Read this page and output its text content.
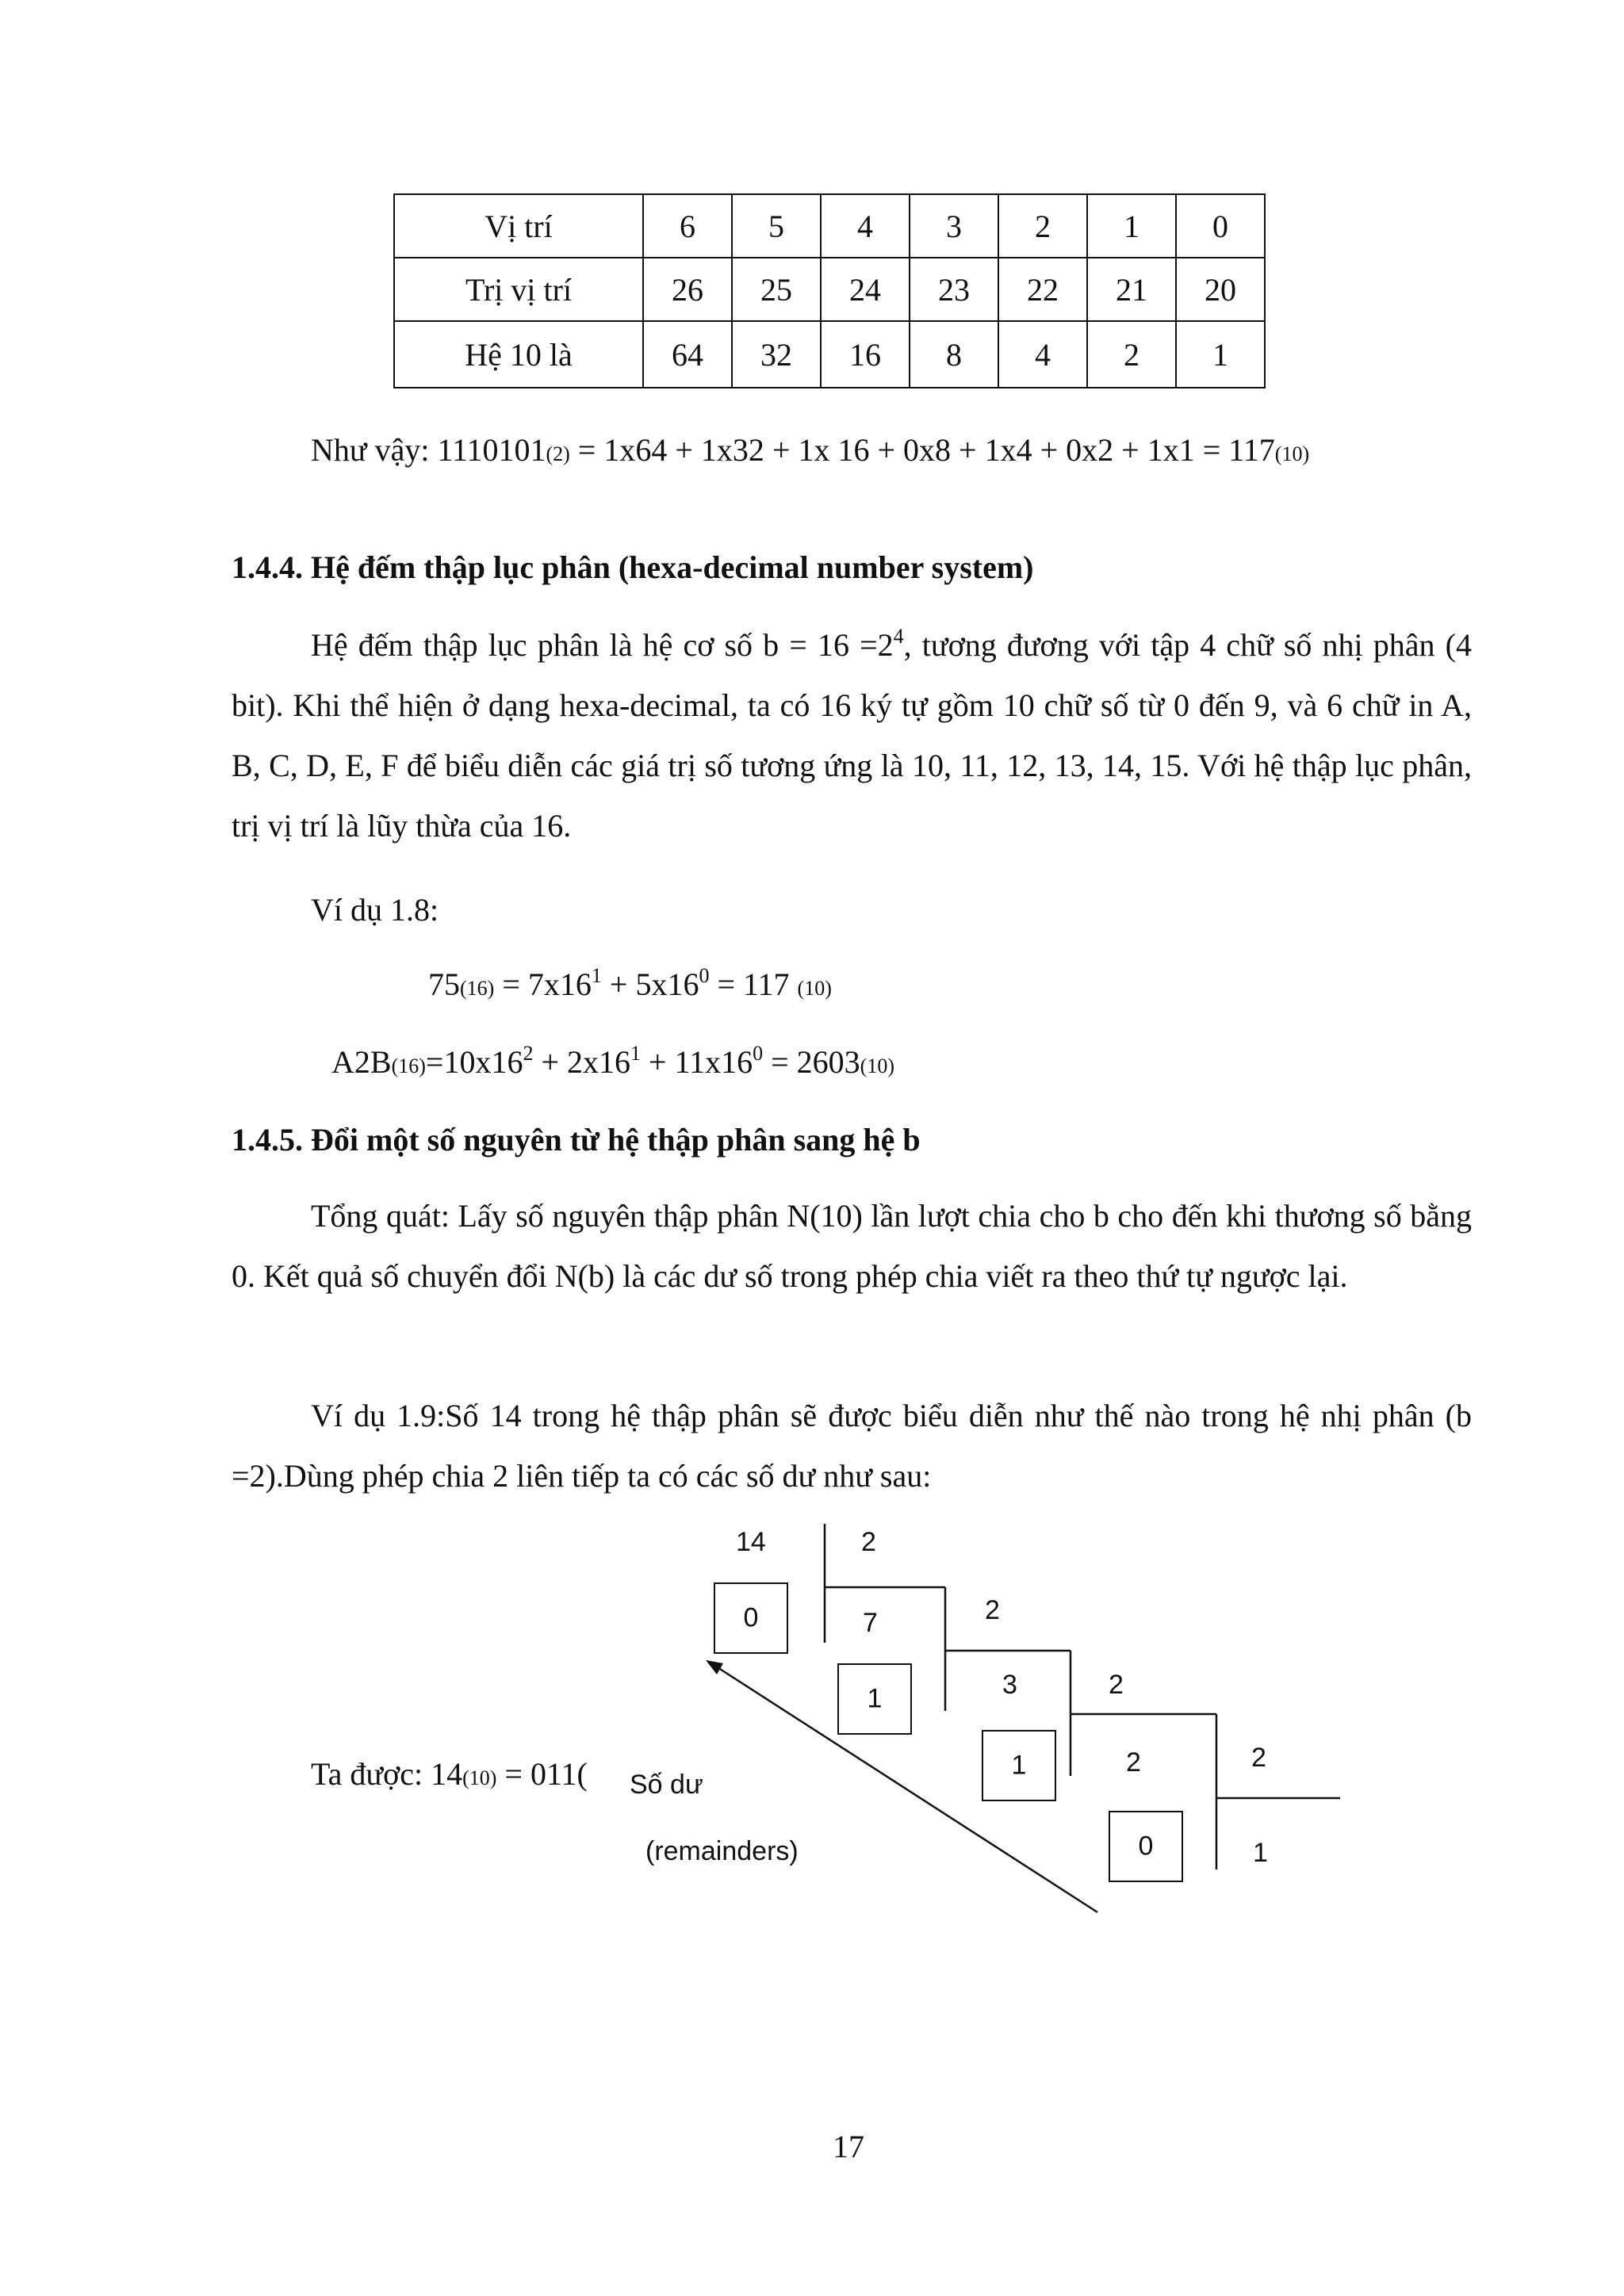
Vị trí	6	5	4	3	2	1	0
Trị vị trí	26	25	24	23	22	21	20
Hệ 10 là	64	32	16	8	4	2	1
Như vậy: 1110101(2) = 1x64 + 1x32 + 1x 16 + 0x8 + 1x4 + 0x2 + 1x1 = 117(10)
1.4.4. Hệ đếm thập lục phân (hexa-decimal number system)
Hệ đếm thập lục phân là hệ cơ số $b = 16 =2^4$, tương đương với tập 4 chữ số nhị phân (4 bit). Khi thể hiện ở dạng hexa-decimal, ta có 16 ký tự gồm 10 chữ số từ 0 đến 9, và 6 chữ in A, B, C, D, E, F để biểu diễn các giá trị số tương ứng là 10, 11, 12, 13, 14, 15. Với hệ thập lục phân, trị vị trí là lũy thừa của 16.
Ví dụ 1.8:
$75(16) = 7x16^1 + 5x16^0 = 117$ (10)
$A2B(16)=10x16^2 + 2x16^1 + 11x16^0 = 2603(10)$
1.4.5. Đổi một số nguyên từ hệ thập phân sang hệ b
Tổng quát: Lấy số nguyên thập phân N(10) lần lượt chia cho b cho đến khi thương số bằng 0. Kết quả số chuyển đổi N(b) là các dư số trong phép chia viết ra theo thứ tự ngược lại.
Ví dụ 1.9:Số 14 trong hệ thập phân sẽ được biểu diễn như thế nào trong hệ nhị phân (b =2).Dùng phép chia 2 liên tiếp ta có các số dư như sau:
Ta được: 14(10) = 011(
14	2
0	7	2
1	3	2
1	2	2
0	1
Số dư
(remainders)
17
